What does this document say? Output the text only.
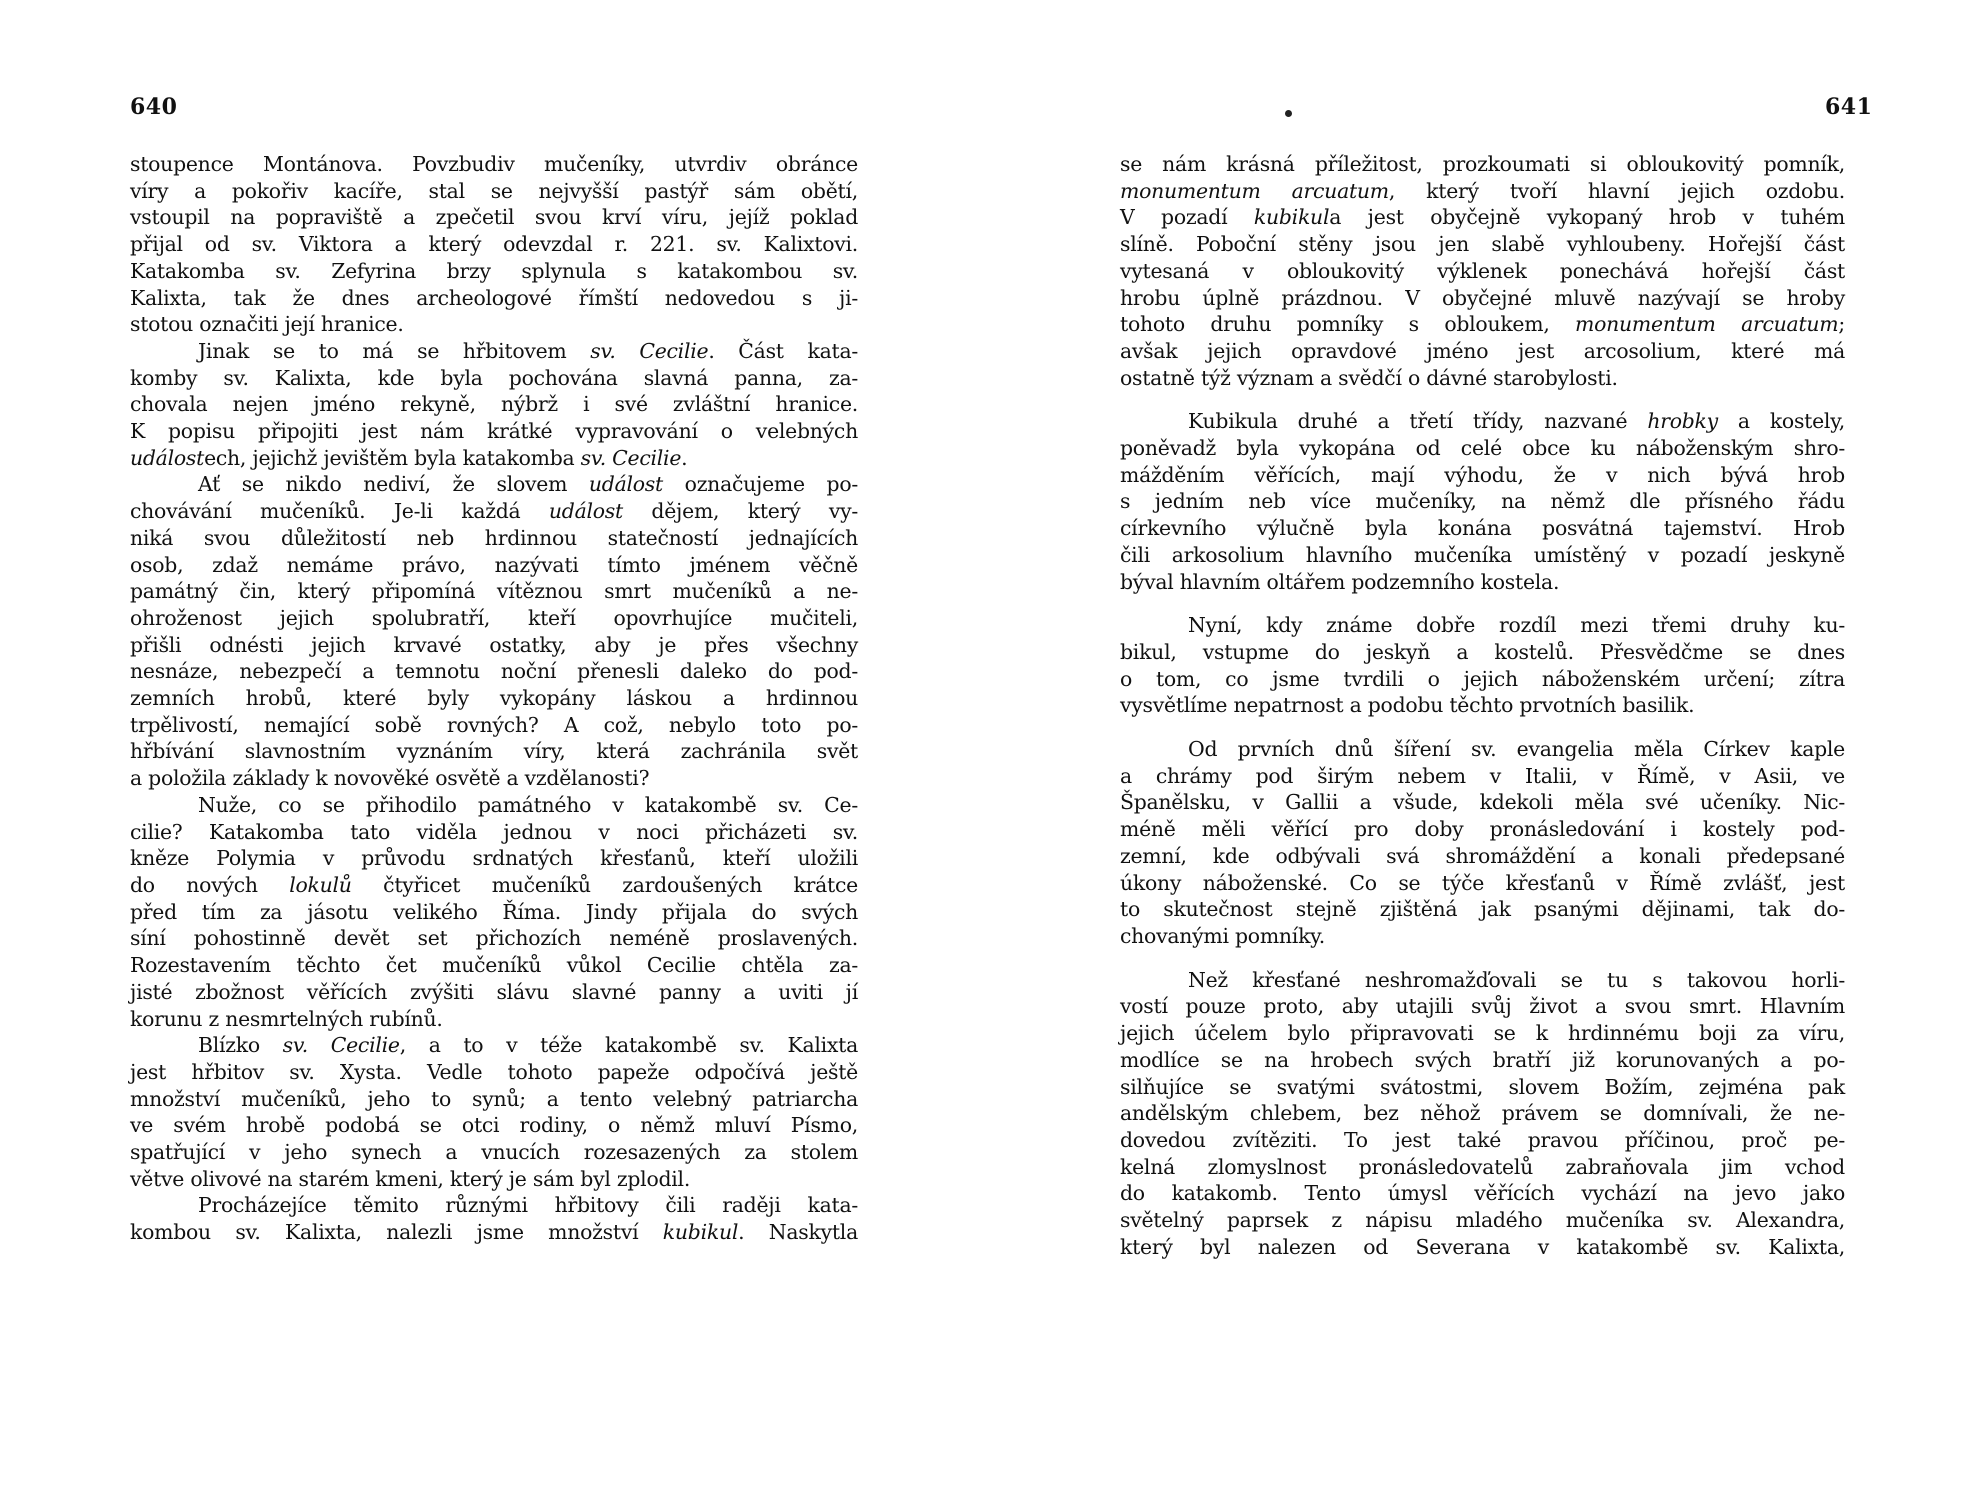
640
stoupence Montánova. Povzbudiv mučeníky, utvrdiv obránce
víry a pokořiv kacíře, stal se nejvyšší pastýř sám obětí,
vstoupil na popraviště a zpečetil svou krví víru, jejíž poklad
přijal od sv. Viktora a který odevzdal r. 221. sv. Kalixtovi.
Katakomba sv. Zefyrina brzy splynula s katakombou sv.
Kalixta, tak že dnes archeologové římští nedovedou s ji-
stotou označiti její hranice.
Jinak se to má se hřbitovem sv. Cecilie. Část kata-
komby sv. Kalixta, kde byla pochována slavná panna, za-
chovala nejen jméno rekyně, nýbrž i své zvláštní hranice.
K popisu připojiti jest nám krátké vypravování o velebných
událostech, jejichž jevištěm byla katakomba sv. Cecilie.
Ať se nikdo nediví, že slovem událost označujeme po-
chovávání mučeníků. Je-li každá událost dějem, který vy-
niká svou důležitostí neb hrdinnou statečností jednajících
osob, zdaž nemáme právo, nazývati tímto jménem věčně
památný čin, který připomíná vítěznou smrt mučeníků a ne-
ohroženost jejich spolubratří, kteří opovrhujíce mučiteli,
přišli odnésti jejich krvavé ostatky, aby je přes všechny
nesnáze, nebezpečí a temnotu noční přenesli daleko do pod-
zemních hrobů, které byly vykopány láskou a hrdinnou
trpělivostí, nemající sobě rovných? A což, nebylo toto po-
hřbívání slavnostním vyznáním víry, která zachránila svět
a položila základy k novověké osvětě a vzdělanosti?
Nuže, co se přihodilo památného v katakombě sv. Ce-
cilie? Katakomba tato viděla jednou v noci přicházeti sv.
kněze Polymia v průvodu srdnatých křesťanů, kteří uložili
do nových lokulů čtyřicet mučeníků zardoušených krátce
před tím za jásotu velikého Říma. Jindy přijala do svých
síní pohostinně devět set přichozích neméně proslavených.
Rozestavením těchto čet mučeníků vůkol Cecilie chtěla za-
jisté zbožnost věřících zvýšiti slávu slavné panny a uviti jí
korunu z nesmrtelných rubínů.
Blízko sv. Cecilie, a to v téže katakombě sv. Kalixta
jest hřbitov sv. Xysta. Vedle tohoto papeže odpočívá ještě
množství mučeníků, jeho to synů; a tento velebný patriarcha
ve svém hrobě podobá se otci rodiny, o němž mluví Písmo,
spatřující v jeho synech a vnucích rozesazených za stolem
větve olivové na starém kmeni, který je sám byl zplodil.
Procházejíce těmito různými hřbitovy čili raději kata-
kombou sv. Kalixta, nalezli jsme množství kubikul. Naskytla
641
se nám krásná příležitost, prozkoumati si obloukovitý pomník,
monumentum arcuatum, který tvoří hlavní jejich ozdobu.
V pozadí kubikula jest obyčejně vykopaný hrob v tuhém
slíně. Poboční stěny jsou jen slabě vyhloubeny. Hořejší část
vytesaná v obloukovitý výklenek ponechává hořejší část
hrobu úplně prázdnou. V obyčejné mluvě nazývají se hroby
tohoto druhu pomníky s obloukem, monumentum arcuatum;
avšak jejich opravdové jméno jest arcosolium, které má
ostatně týž význam a svědčí o dávné starobylosti.
Kubikula druhé a třetí třídy, nazvané hrobky a kostely,
poněvadž byla vykopána od celé obce ku náboženským shro-
mážděním věřících, mají výhodu, že v nich bývá hrob
s jedním neb více mučeníky, na němž dle přísného řádu
církevního výlučně byla konána posvátná tajemství. Hrob
čili arkosolium hlavního mučeníka umístěný v pozadí jeskyně
býval hlavním oltářem podzemního kostela.
Nyní, kdy známe dobře rozdíl mezi třemi druhy ku-
bikul, vstupme do jeskyň a kostelů. Přesvědčme se dnes
o tom, co jsme tvrdili o jejich náboženském určení; zítra
vysvětlíme nepatrnost a podobu těchto prvotních basilik.
Od prvních dnů šíření sv. evangelia měla Církev kaple
a chrámy pod širým nebem v Italii, v Římě, v Asii, ve
Španělsku, v Gallii a všude, kdekoli měla své učeníky. Nic-
méně měli věřící pro doby pronásledování i kostely pod-
zemní, kde odbývali svá shromáždění a konali předepsané
úkony náboženské. Co se týče křesťanů v Římě zvlášť, jest
to skutečnost stejně zjištěná jak psanými dějinami, tak do-
chovanými pomníky.
Než křesťané neshromažďovali se tu s takovou horli-
vostí pouze proto, aby utajili svůj život a svou smrt. Hlavním
jejich účelem bylo připravovati se k hrdinnému boji za víru,
modlíce se na hrobech svých bratří již korunovaných a po-
silňujíce se svatými svátostmi, slovem Božím, zejména pak
andělským chlebem, bez něhož právem se domnívali, že ne-
dovedou zvítěziti. To jest také pravou příčinou, proč pe-
kelná zlomyslnost pronásledovatelů zabraňovala jim vchod
do katakomb. Tento úmysl věřících vychází na jevo jako
světelný paprsek z nápisu mladého mučeníka sv. Alexandra,
který byl nalezen od Severana v katakombě sv. Kalixta,
